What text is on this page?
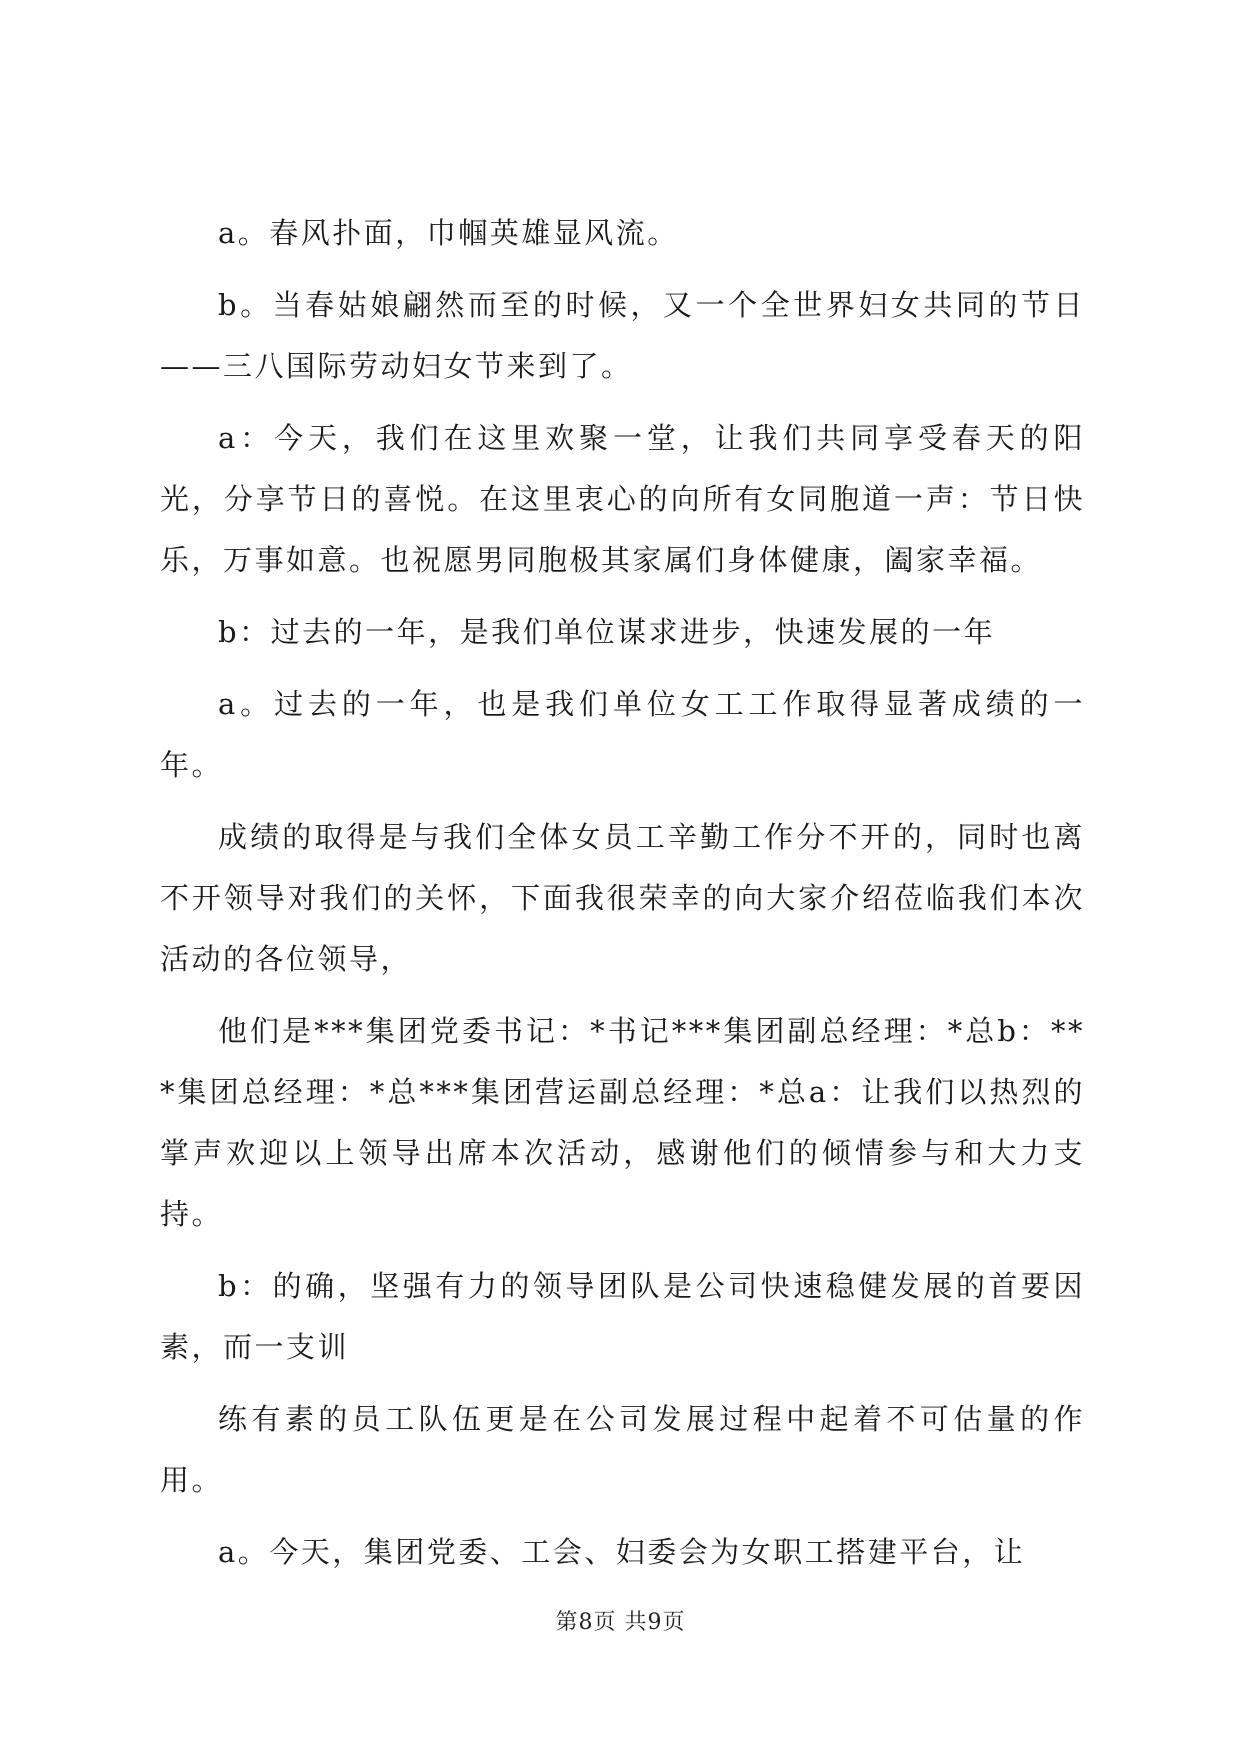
a。春风扑面，巾帼英雄显风流。

b。当春姑娘翩然而至的时候，又一个全世界妇女共同的节日——三八国际劳动妇女节来到了。

a：今天，我们在这里欢聚一堂，让我们共同享受春天的阳光，分享节日的喜悦。在这里衷心的向所有女同胞道一声：节日快乐，万事如意。也祝愿男同胞极其家属们身体健康，阖家幸福。

b：过去的一年，是我们单位谋求进步，快速发展的一年

a。过去的一年，也是我们单位女工工作取得显著成绩的一年。

成绩的取得是与我们全体女员工辛勤工作分不开的，同时也离不开领导对我们的关怀，下面我很荣幸的向大家介绍莅临我们本次活动的各位领导，

他们是***集团党委书记：*书记***集团副总经理：*总b：***集团总经理：*总***集团营运副总经理：*总a：让我们以热烈的掌声欢迎以上领导出席本次活动，感谢他们的倾情参与和大力支持。

b：的确，坚强有力的领导团队是公司快速稳健发展的首要因素，而一支训

练有素的员工队伍更是在公司发展过程中起着不可估量的作用。

a。今天，集团党委、工会、妇委会为女职工搭建平台，让

第8页 共9页
